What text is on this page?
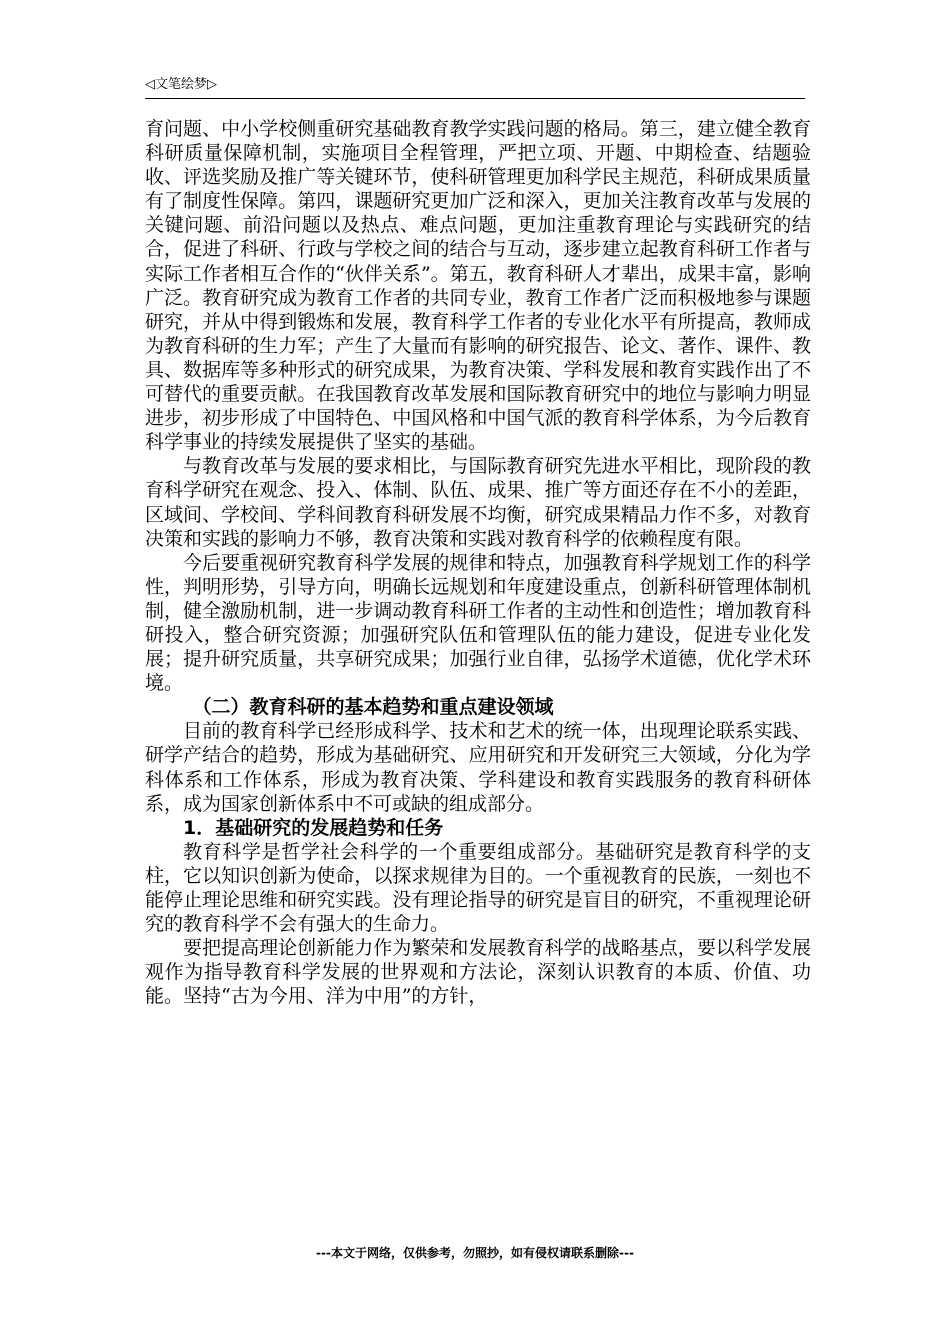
◁文笔绘梦▷

育问题、中小学校侧重研究基础教育教学实践问题的格局。第三，建立健全教育科研质量保障机制，实施项目全程管理，严把立项、开题、中期检查、结题验收、评选奖励及推广等关键环节，使科研管理更加科学民主规范，科研成果质量有了制度性保障。第四，课题研究更加广泛和深入，更加关注教育改革与发展的关键问题、前沿问题以及热点、难点问题，更加注重教育理论与实践研究的结合，促进了科研、行政与学校之间的结合与互动，逐步建立起教育科研工作者与实际工作者相互合作的“伙伴关系”。第五，教育科研人才辈出，成果丰富，影响广泛。教育研究成为教育工作者的共同专业，教育工作者广泛而积极地参与课题研究，并从中得到锻炼和发展，教育科学工作者的专业化水平有所提高，教师成为教育科研的生力军；产生了大量而有影响的研究报告、论文、著作、课件、教具、数据库等多种形式的研究成果，为教育决策、学科发展和教育实践作出了不可替代的重要贡献。在我国教育改革发展和国际教育研究中的地位与影响力明显进步，初步形成了中国特色、中国风格和中国气派的教育科学体系，为今后教育科学事业的持续发展提供了坚实的基础。

与教育改革与发展的要求相比，与国际教育研究先进水平相比，现阶段的教育科学研究在观念、投入、体制、队伍、成果、推广等方面还存在不小的差距，区域间、学校间、学科间教育科研发展不均衡，研究成果精品力作不多，对教育决策和实践的影响力不够，教育决策和实践对教育科学的依赖程度有限。

今后要重视研究教育科学发展的规律和特点，加强教育科学规划工作的科学性，判明形势，引导方向，明确长远规划和年度建设重点，创新科研管理体制机制，健全激励机制，进一步调动教育科研工作者的主动性和创造性；增加教育科研投入，整合研究资源；加强研究队伍和管理队伍的能力建设，促进专业化发展；提升研究质量，共享研究成果；加强行业自律，弘扬学术道德，优化学术环境。

（二）教育科研的基本趋势和重点建设领域

目前的教育科学已经形成科学、技术和艺术的统一体，出现理论联系实践、研学产结合的趋势，形成为基础研究、应用研究和开发研究三大领域，分化为学科体系和工作体系，形成为教育决策、学科建设和教育实践服务的教育科研体系，成为国家创新体系中不可或缺的组成部分。

1．基础研究的发展趋势和任务

教育科学是哲学社会科学的一个重要组成部分。基础研究是教育科学的支柱，它以知识创新为使命，以探求规律为目的。一个重视教育的民族，一刻也不能停止理论思维和研究实践。没有理论指导的研究是盲目的研究，不重视理论研究的教育科学不会有强大的生命力。

要把提高理论创新能力作为繁荣和发展教育科学的战略基点，要以科学发展观作为指导教育科学发展的世界观和方法论，深刻认识教育的本质、价值、功能。坚持“古为今用、洋为中用”的方针，

---本文于网络，仅供参考，勿照抄，如有侵权请联系删除---
